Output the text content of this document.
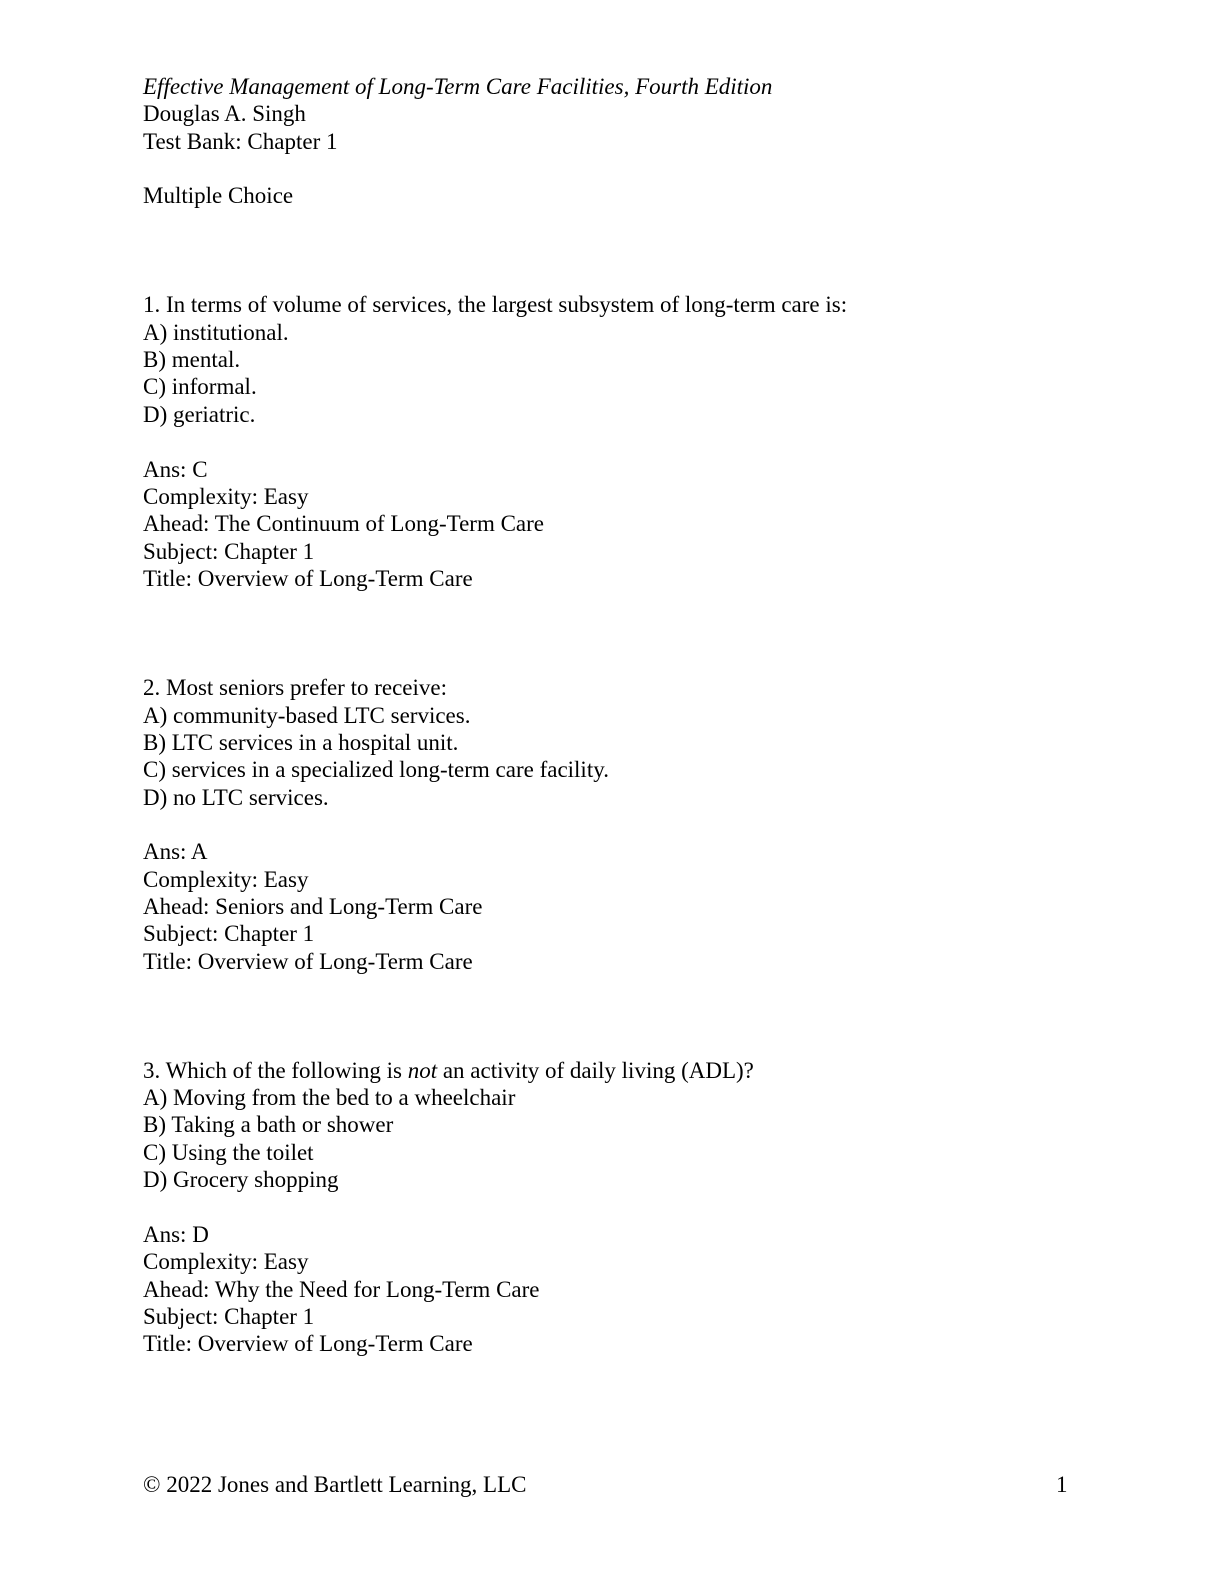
Effective Management of Long-Term Care Facilities, Fourth Edition
Douglas A. Singh
Test Bank: Chapter 1
Multiple Choice
1. In terms of volume of services, the largest subsystem of long-term care is:
A) institutional.
B) mental.
C) informal.
D) geriatric.
Ans: C
Complexity: Easy
Ahead: The Continuum of Long-Term Care
Subject: Chapter 1
Title: Overview of Long-Term Care
2. Most seniors prefer to receive:
A) community-based LTC services.
B) LTC services in a hospital unit.
C) services in a specialized long-term care facility.
D) no LTC services.
Ans: A
Complexity: Easy
Ahead: Seniors and Long-Term Care
Subject: Chapter 1
Title: Overview of Long-Term Care
3. Which of the following is not an activity of daily living (ADL)?
A) Moving from the bed to a wheelchair
B) Taking a bath or shower
C) Using the toilet
D) Grocery shopping
Ans: D
Complexity: Easy
Ahead: Why the Need for Long-Term Care
Subject: Chapter 1
Title: Overview of Long-Term Care
© 2022 Jones and Bartlett Learning, LLC	1
